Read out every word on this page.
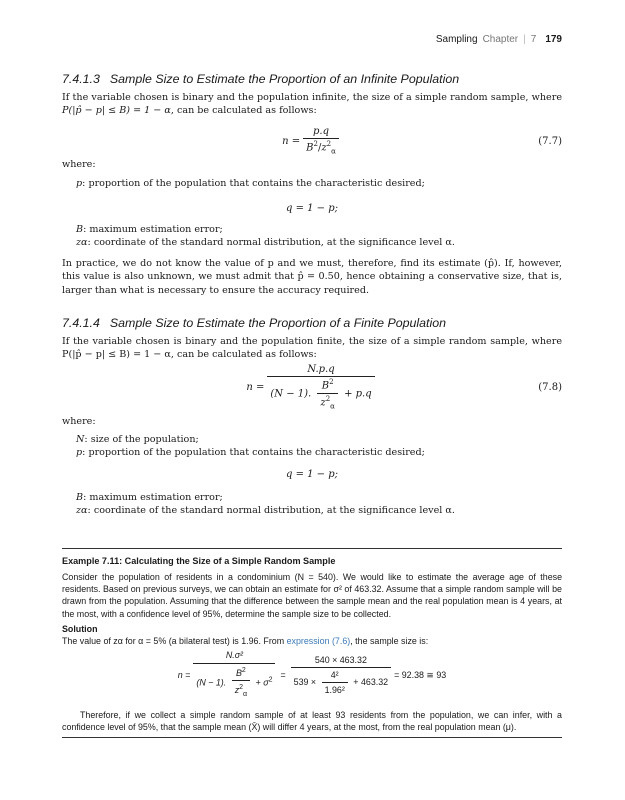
Sampling Chapter | 7 179
7.4.1.3 Sample Size to Estimate the Proportion of an Infinite Population

If the variable chosen is binary and the population infinite, the size of a simple random sample, where P(|p̂ − p| ≤ B) = 1 − α, can be calculated as follows:

$n = \frac{p.q}{B^2/z^2_\alpha}$	(7.7)
where:
p: proportion of the population that contains the characteristic desired;
q = 1 − p;
B: maximum estimation error;
zα: coordinate of the standard normal distribution, at the significance level α.

In practice, we do not know the value of p and we must, therefore, find its estimate (p̂). If, however, this value is also unknown, we must admit that p̂ = 0.50, hence obtaining a conservative size, that is, larger than what is necessary to ensure the accuracy required.

7.4.1.4 Sample Size to Estimate the Proportion of a Finite Population

If the variable chosen is binary and the population finite, the size of a simple random sample, where P(|p̂ − p| ≤ B) = 1 − α, can be calculated as follows:

n =
N.p.q
(N − 1). $\frac{B^2}{z^2_\alpha} + p.q$
(7.8)
where:
N: size of the population;
p: proportion of the population that contains the characteristic desired;
q = 1 − p;
B: maximum estimation error;
zα: coordinate of the standard normal distribution, at the significance level α.
Example 7.11: Calculating the Size of a Simple Random Sample

Consider the population of residents in a condominium (N = 540). We would like to estimate the average age of these residents. Based on previous surveys, we can obtain an estimate for σ² of 463.32. Assume that a simple random sample will be drawn from the population. Assuming that the difference between the sample mean and the real population mean is 4 years, at the most, with a confidence level of 95%, determine the sample size to be collected.

Solution

The value of zα for α = 5% (a bilateral test) is 1.96. From expression (7.6), the sample size is:

$n = \frac{\text{N.σ²}}{(N - 1). \frac{B^2}{z^2_\alpha} + \sigma^2} = \frac{540 \times 463.32}{539 \times \frac{\text{4²}}{\text{1.96²}} + 463.32} = 92.38$ ≅ 93

Therefore, if we collect a simple random sample of at least 93 residents from the population, we can infer, with a confidence level of 95%, that the sample mean (X̄) will differ 4 years, at the most, from the real population mean (μ).
